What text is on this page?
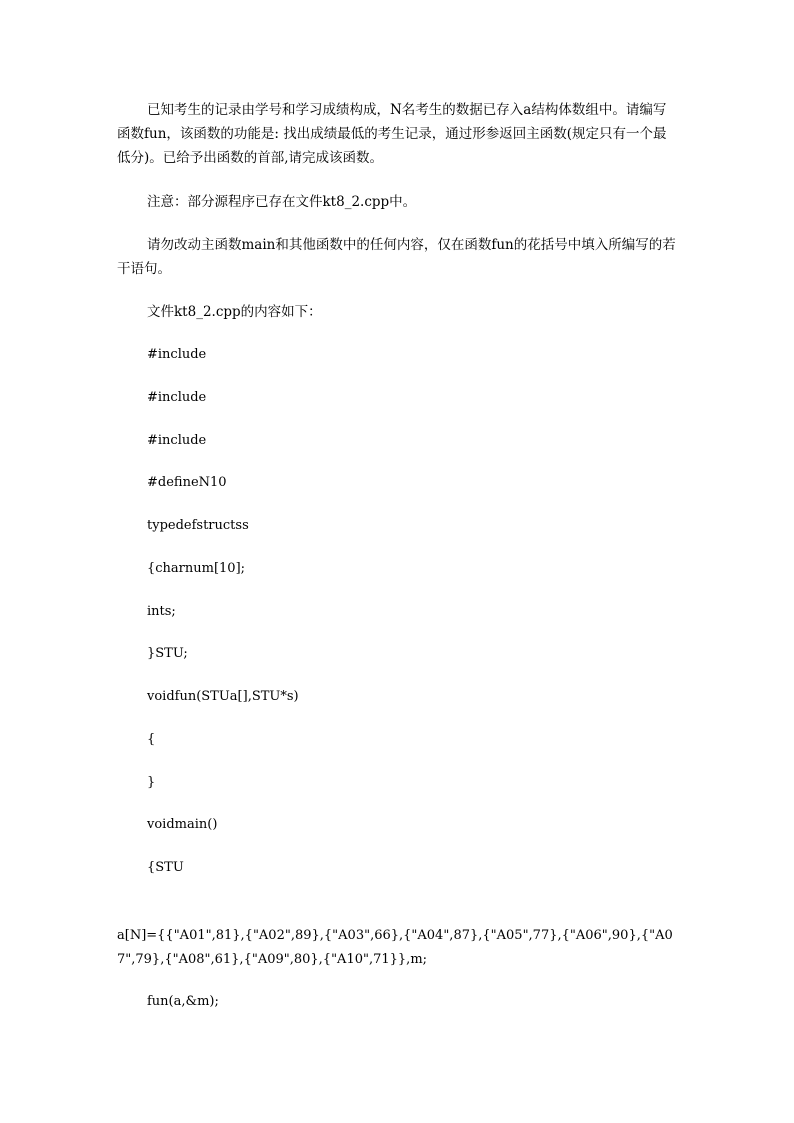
已知考生的记录由学号和学习成绩构成，N名考生的数据已存入a结构体数组中。请编写函数fun，该函数的功能是: 找出成绩最低的考生记录，通过形参返回主函数(规定只有一个最低分)。已给予出函数的首部,请完成该函数。

注意：部分源程序已存在文件kt8_2.cpp中。

请勿改动主函数main和其他函数中的任何内容，仅在函数fun的花括号中填入所编写的若干语句。

文件kt8_2.cpp的内容如下：

#include

#include

#include

#defineN10

typedefstructss

{charnum[10];

ints;

}STU;

voidfun(STUa[],STU*s)

{

}

voidmain()

{STU

a[N]={{"A01",81},{"A02",89},{"A03",66},{"A04",87},{"A05",77},{"A06",90},{"A07",79},{"A08",61},{"A09",80},{"A10",71}},m;

fun(a,&m);
